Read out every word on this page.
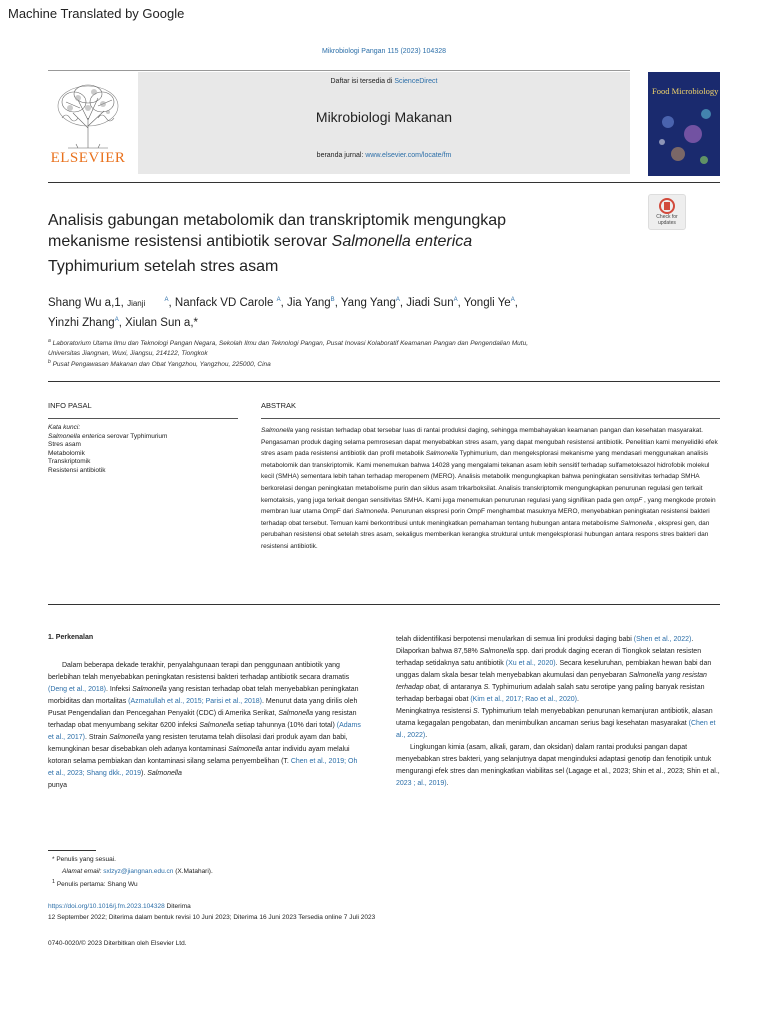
Machine Translated by Google
Mikrobiologi Pangan 115 (2023) 104328
ELSEVIER
Daftar isi tersedia di ScienceDirect
Mikrobiologi Makanan
beranda jurnal: www.elsevier.com/locate/fm
Food Microbiology
Check for updates
Analisis gabungan metabolomik dan transkriptomik mengungkap
mekanisme resistensi antibiotik serovar Salmonella enterica
Typhimurium setelah stres asam
Shang Wu a,1, Jianji	$^A$, Nanfack VD Carole $^A$, Jia Yang$^B$, Yang Yang$^A$, Jiadi Sun$^A$, Yongli $Ye^A$,
Yinzhi Zhang$^A$, Xiulan Sun a,*
$^a$ Laboratorium Utama Ilmu dan Teknologi Pangan Negara, Sekolah Ilmu dan Teknologi Pangan, Pusat Inovasi Kolaboratif Keamanan Pangan dan Pengendalian Mutu,
Universitas Jiangnan, Wuxi, Jiangsu, 214122, Tiongkok
$^b$ Pusat Pengawasan Makanan dan Obat Yangzhou, Yangzhou, 225000, Cina
INFO PASAL	ABSTRAK
Kata kunci:
Salmonella enterica serovar Typhimurium
Stres asam
Metabolomik
Transkriptomik
Resistensi antibiotik
Salmonella yang resistan terhadap obat tersebar luas di rantai produksi daging, sehingga membahayakan keamanan pangan dan kesehatan masyarakat. Pengasaman produk daging selama pemrosesan dapat menyebabkan stres asam, yang dapat mengubah resistensi antibiotik. Penelitian kami menyelidiki efek stres asam pada resistensi antibiotik dan profil metabolik Salmonella Typhimurium, dan mengeksplorasi mekanisme yang mendasari menggunakan analisis metabolomik dan transkriptomik. Kami menemukan bahwa 14028 yang mengalami tekanan asam lebih sensitif terhadap sulfametoksazol hidrofobik molekul kecil (SMHA) sementara lebih tahan terhadap meropenem (MERO). Analisis metabolik mengungkapkan bahwa peningkatan sensitivitas terhadap SMHA berkorelasi dengan peningkatan metabolisme purin dan siklus asam trikarboksilat. Analisis transkriptomik mengungkapkan penurunan regulasi gen terkait kemotaksis, yang juga terkait dengan sensitivitas SMHA. Kami juga menemukan penurunan regulasi yang signifikan pada gen ompF , yang mengkode protein membran luar utama OmpF dari Salmonella. Penurunan ekspresi porin OmpF menghambat masuknya MERO, menyebabkan peningkatan resistensi bakteri terhadap obat tersebut. Temuan kami berkontribusi untuk meningkatkan pemahaman tentang hubungan antara metabolisme Salmonella , ekspresi gen, dan perubahan resistensi obat setelah stres asam, sekaligus memberikan kerangka struktural untuk mengeksplorasi hubungan antara respons stres bakteri dan resistensi antibiotik.
1. Perkenalan

Dalam beberapa dekade terakhir, penyalahgunaan terapi dan penggunaan antibiotik yang berlebihan telah menyebabkan peningkatan resistensi bakteri terhadap antibiotik secara dramatis (Deng et al., 2018). Infeksi Salmonella yang resistan terhadap obat telah menyebabkan peningkatan morbiditas dan mortalitas (Azmatullah et al., 2015; Parisi et al., 2018). Menurut data yang dirilis oleh Pusat Pengendalian dan Pencegahan Penyakit (CDC) di Amerika Serikat, Salmonella yang resistan terhadap obat menyumbang sekitar 6200 infeksi Salmonella setiap tahunnya (10% dari total) (Adams et al., 2017). Strain Salmonella yang resisten terutama telah diisolasi dari produk ayam dan babi, kemungkinan besar disebabkan oleh adanya kontaminasi Salmonella antar individu ayam melalui kotoran selama pembiakan dan kontaminasi silang selama penyembelihan (T. Chen et al., 2019; Oh et al., 2023; Shang dkk., 2019). Salmonella
punya

telah diidentifikasi berpotensi menularkan di semua lini produksi daging babi (Shen et al., 2022). Dilaporkan bahwa 87,58% Salmonella spp. dari produk daging eceran di Tiongkok selatan resisten terhadap setidaknya satu antibiotik (Xu et al., 2020). Secara keseluruhan, pembiakan hewan babi dan unggas dalam skala besar telah menyebabkan akumulasi dan penyebaran Salmonella yang resistan terhadap obat, di antaranya S. Typhimurium adalah salah satu serotipe yang paling banyak resistan terhadap berbagai obat (Kim et al., 2017; Rao et al., 2020).

Meningkatnya resistensi S. Typhimurium telah menyebabkan penurunan kemanjuran antibiotik, alasan utama kegagalan pengobatan, dan menimbulkan ancaman serius bagi kesehatan masyarakat (Chen et al., 2022).

Lingkungan kimia (asam, alkali, garam, dan oksidan) dalam rantai produksi pangan dapat menyebabkan stres bakteri, yang selanjutnya dapat menginduksi adaptasi genotip dan fenotipik untuk mengurangi efek stres dan meningkatkan viabilitas sel (Lagage et al., 2023; Shin et al., 2023; Shin et al., 2023 ; al., 2019).

* Penulis yang sesuai.
Alamat email: sxlzyz@jiangnan.edu.cn (X.Matahari).
$^1$ Penulis pertama: Shang Wu
https://doi.org/10.1016/j.fm.2023.104328 Diterima
12 September 2022; Diterima dalam bentuk revisi 10 Juni 2023; Diterima 16 Juni 2023 Tersedia online 7 Juli 2023
0740-0020/© 2023 Diterbitkan oleh Elsevier Ltd.
